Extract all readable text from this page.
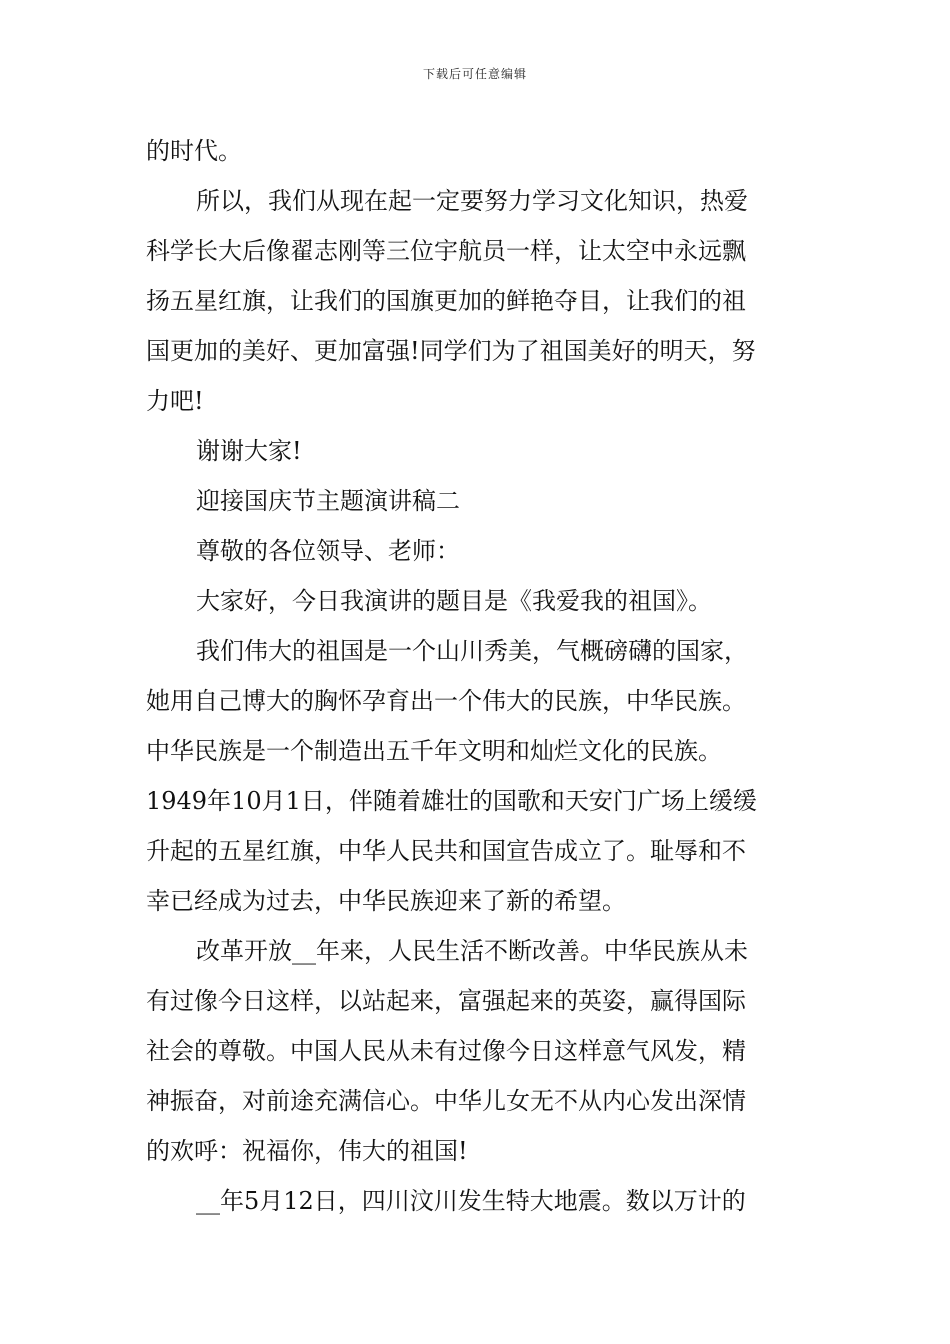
下载后可任意编辑
的时代。
所以，我们从现在起一定要努力学习文化知识，热爱
科学长大后像翟志刚等三位宇航员一样，让太空中永远飘
扬五星红旗，让我们的国旗更加的鲜艳夺目，让我们的祖
国更加的美好、更加富强!同学们为了祖国美好的明天，努
力吧!
谢谢大家!
迎接国庆节主题演讲稿二
尊敬的各位领导、老师：
大家好，今日我演讲的题目是《我爱我的祖国》。
我们伟大的祖国是一个山川秀美，气概磅礴的国家，
她用自己博大的胸怀孕育出一个伟大的民族，中华民族。
中华民族是一个制造出五千年文明和灿烂文化的民族。
1949年10月1日，伴随着雄壮的国歌和天安门广场上缓缓
升起的五星红旗，中华人民共和国宣告成立了。耻辱和不
幸已经成为过去，中华民族迎来了新的希望。
改革开放__年来，人民生活不断改善。中华民族从未
有过像今日这样，以站起来，富强起来的英姿，赢得国际
社会的尊敬。中国人民从未有过像今日这样意气风发，精
神振奋，对前途充满信心。中华儿女无不从内心发出深情
的欢呼：祝福你，伟大的祖国!
__年5月12日，四川汶川发生特大地震。数以万计的
